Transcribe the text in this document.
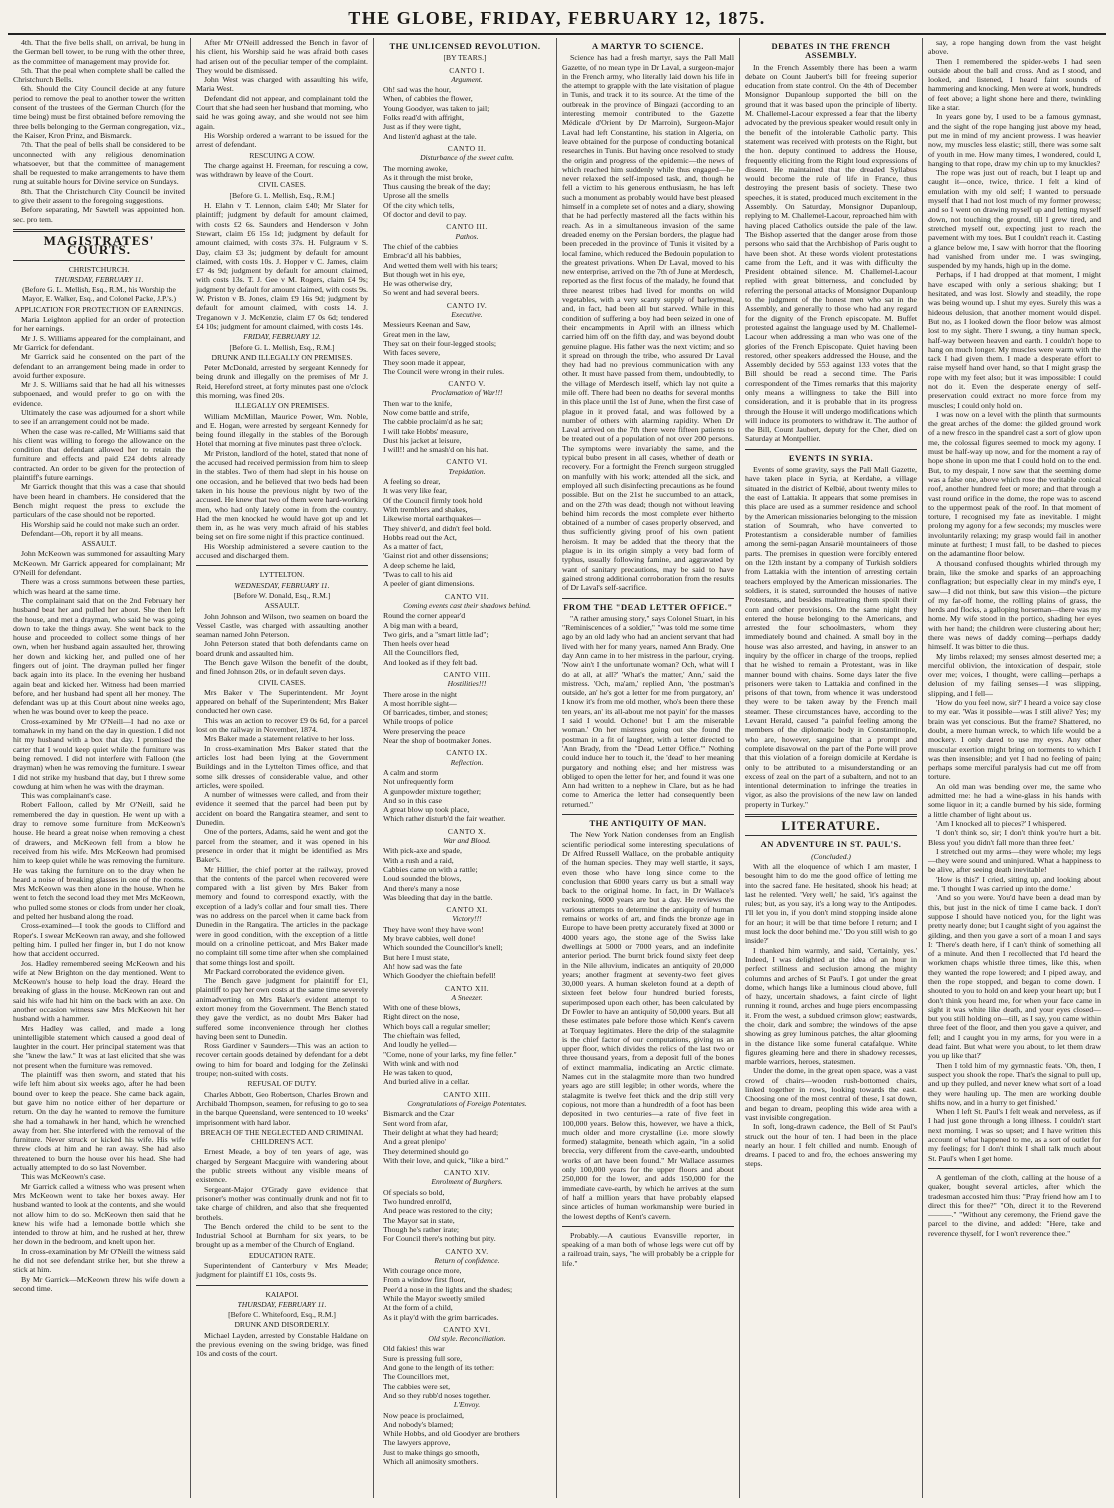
THE GLOBE, FRIDAY, FEBRUARY 12, 1875.

4th. That the five bells shall, on arrival, be hung in the German bell tower, to be rung with the other three, as the committee of management may provide for.

5th. That the peal when complete shall be called the Christchurch Bells.

6th. Should the City Council decide at any future period to remove the peal to another tower the written consent of the trustees of the German Church (for the time being) must be first obtained before removing the three bells belonging to the German congregation, viz., the Kaiser, Kron Prinz, and Bismarck.

7th. That the peal of bells shall be considered to be unconnected with any religious denomination whatsoever, but that the committee of management shall be requested to make arrangements to have them rung at suitable hours for Divine service on Sundays.

8th. That the Christchurch City Council be invited to give their assent to the foregoing suggestions.

Before separating, Mr Sawtell was appointed hon. sec. pro tem.

MAGISTRATES' COURTS.
CHRISTCHURCH.
THURSDAY, FEBRUARY 11.
(Before G. L. Mellish, Esq., R.M., his Worship the Mayor, E. Walker, Esq., and Colonel Packe, J.P.'s.)
APPLICATION FOR PROTECTION OF EARNINGS.

Maria Leighton applied for an order of protection for her earnings.

Mr J. S. Williams appeared for the complainant, and Mr Garrick for defendant.

Mr Garrick said he consented on the part of the defendant to an arrangement being made in order to avoid further exposure.

Mr J. S. Williams said that he had all his witnesses subpoenaed, and would prefer to go on with the evidence.

Ultimately the case was adjourned for a short while to see if an arrangement could not be made.

When the case was re-called, Mr Williams said that his client was willing to forego the allowance on the condition that defendant allowed her to retain the furniture and effects and paid £24 debts already contracted. An order to be given for the protection of plaintiff's future earnings.

Mr Garrick thought that this was a case that should have been heard in chambers. He considered that the Bench might request the press to exclude the particulars of the case should not be reported.

His Worship said he could not make such an order.

Defendant—Oh, report it by all means.

ASSAULT.

John McKeown was summoned for assaulting Mary McKeown. Mr Garrick appeared for complainant; Mr O'Neill for defendant.

There was a cross summons between these parties, which was heard at the same time.

The complainant said that on the 2nd February her husband beat her and pulled her about. She then left the house, and met a drayman, who said he was going down to take the things away. She went back to the house and proceeded to collect some things of her own, when her husband again assaulted her, throwing her down and kicking her, and pulled one of her fingers out of joint. The drayman pulled her finger back again into its place. In the evening her husband again beat and kicked her. Witness had been married before, and her husband had spent all her money. The defendant was up at this Court about nine weeks ago, when he was bound over to keep the peace.

Cross-examined by Mr O'Neill—I had no axe or tomahawk in my hand on the day in question. I did not hit my husband with a box that day. I promised the carter that I would keep quiet while the furniture was being removed. I did not interfere with Falloon (the drayman) when he was removing the furniture. I swear I did not strike my husband that day, but I threw some cowdung at him when he was with the drayman.

This was complainant's case.

Robert Falloon, called by Mr O'Neill, said he remembered the day in question. He went up with a dray to remove some furniture from McKeown's house. He heard a great noise when removing a chest of drawers, and McKeown fell from a blow he received from his wife. Mrs McKeown had promised him to keep quiet while he was removing the furniture. He was taking the furniture on to the dray when he heard a noise of breaking glasses in one of the rooms. Mrs McKeown was then alone in the house. When he went to fetch the second load they met Mrs McKeown, who pulled some stones or clods from under her cloak, and pelted her husband along the road.

Cross-examined—I took the goods to Clifford and Roper's. I swear McKeown ran away, and she followed pelting him. I pulled her finger in, but I do not know how that accident occurred.

Jos. Hadley remembered seeing McKeown and his wife at New Brighton on the day mentioned. Went to McKeown's house to help load the dray. Heard the breaking of glass in the house. McKeown ran out and said his wife had hit him on the back with an axe. On another occasion witness saw Mrs McKeown hit her husband with a hammer.

Mrs Hadley was called, and made a long unintelligible statement which caused a good deal of laughter in the court. Her principal statement was that she "knew the law." It was at last elicited that she was not present when the furniture was removed.

The plaintiff was then sworn, and stated that his wife left him about six weeks ago, after he had been bound over to keep the peace. She came back again, but gave him no notice either of her departure or return. On the day he wanted to remove the furniture she had a tomahawk in her hand, which he wrenched away from her. She interfered with the removal of the furniture. Never struck or kicked his wife. His wife threw clods at him and he ran away. She had also threatened to burn the house over his head. She had actually attempted to do so last November.

This was McKeown's case.

Mr Garrick called a witness who was present when Mrs McKeown went to take her boxes away. Her husband wanted to look at the contents, and she would not allow him to do so. McKeown then said that he knew his wife had a lemonade bottle which she intended to throw at him, and he rushed at her, threw her down in the bedroom, and knelt upon her.

In cross-examination by Mr O'Neill the witness said he did not see defendant strike her, but she threw a stick at him.

By Mr Garrick—McKeown threw his wife down a second time.

After Mr O'Neill addressed the Bench in favor of his client, his Worship said he was afraid both cases had arisen out of the peculiar temper of the complaint. They would be dismissed.

John West was charged with assaulting his wife, Maria West.

Defendant did not appear, and complainant told the Court that she had seen her husband that morning, who said he was going away, and she would not see him again.

His Worship ordered a warrant to be issued for the arrest of defendant.

RESCUING A COW.

The charge against H. Freeman, for rescuing a cow, was withdrawn by leave of the Court.

CIVIL CASES.
[Before G. L. Mellish, Esq., R.M.]

H. Elahn v T. Lennon, claim £40; Mr Slater for plaintiff; judgment by default for amount claimed, with costs £2 6s. Saunders and Henderson v John Stewart, claim £6 15s 1d; judgment by default for amount claimed, with costs 37s. H. Fulgraum v S. Day, claim £3 3s; judgment by default for amount claimed, with costs 10s. J. Hopper v C. James, claim £7 4s 9d; judgment by default for amount claimed, with costs 13s. T. J. Gee v M. Rogers, claim £4 9s; judgment by default for amount claimed, with costs 9s. W. Priston v B. Jones, claim £9 16s 9d; judgment by default for amount claimed, with costs 14. J. Treganown v J. McKenzie, claim £7 0s 6d; tendered £4 10s; judgment for amount claimed, with costs 14s.

FRIDAY, FEBRUARY 12.
[Before G. L. Mellish, Esq., R.M.]
DRUNK AND ILLEGALLY ON PREMISES.

Peter McDonald, arrested by sergeant Kennedy for being drunk and illegally on the premises of Mr J. Reid, Hereford street, at forty minutes past one o'clock this morning, was fined 20s.

ILLEGALLY ON PREMISES.

William McMillan, Maurice Power, Wm. Noble, and E. Hogan, were arrested by sergeant Kennedy for being found illegally in the stables of the Borough Hotel that morning at five minutes past three o'clock.

Mr Priston, landlord of the hotel, stated that none of the accused had received permission from him to sleep in the stables. Two of them had slept in his house on one occasion, and he believed that two beds had been taken in his house the previous night by two of the accused. He knew that two of them were hard-working men, who had only lately come in from the country. Had the men knocked he would have got up and let them in, as he was very much afraid of his stables being set on fire some night if this practice continued.

His Worship administered a severe caution to the accused and discharged them.

LYTTELTON.
WEDNESDAY, FEBRUARY 11.
[Before W. Donald, Esq., R.M.]
ASSAULT.

John Johnson and Wilson, two seamen on board the Vessel Castle, was charged with assaulting another seaman named John Peterson.

John Peterson stated that both defendants came on board drunk and assaulted him.

The Bench gave Wilson the benefit of the doubt, and fined Johnson 20s, or in default seven days.

CIVIL CASES.

Mrs Baker v The Superintendent. Mr Joynt appeared on behalf of the Superintendent; Mrs Baker conducted her own case.

This was an action to recover £9 0s 6d, for a parcel lost on the railway in November, 1874.

Mrs Baker made a statement relative to her loss.

In cross-examination Mrs Baker stated that the articles lost had been lying at the Government Buildings and in the Lyttelton Times office, and that some silk dresses of considerable value, and other articles, were spoiled.

A number of witnesses were called, and from their evidence it seemed that the parcel had been put by accident on board the Rangatira steamer, and sent to Dunedin.

One of the porters, Adams, said he went and got the parcel from the steamer, and it was opened in his presence in order that it might be identified as Mrs Baker's.

Mr Hillier, the chief porter at the railway, proved that the contents of the parcel when recovered were compared with a list given by Mrs Baker from memory and found to correspond exactly, with the exception of a lady's collar and four small ties. There was no address on the parcel when it came back from Dunedin in the Rangatira. The articles in the package were in good condition, with the exception of a little mould on a crinoline petticoat, and Mrs Baker made no complaint till some time after when she complained that some things lost and spoilt.

Mr Packard corroborated the evidence given.

The Bench gave judgment for plaintiff for £1, plaintiff to pay her own costs at the same time severely animadverting on Mrs Baker's evident attempt to extort money from the Government. The Bench stated they gave the verdict, as no doubt Mrs Baker had suffered some inconvenience through her clothes having been sent to Dunedin.

Ross Gardiner v Saunders—This was an action to recover certain goods detained by defendant for a debt owing to him for board and lodging for the Zelinski troupe; non-suited with costs.

REFUSAL OF DUTY.

Charles Abbott, Geo Robertson, Charles Brown and Archibald Thompson, seamen, for refusing to go to sea in the barque Queensland, were sentenced to 10 weeks' imprisonment with hard labor.

BREACH OF THE NEGLECTED AND CRIMINAL CHILDREN'S ACT.

Ernest Meade, a boy of ten years of age, was charged by Sergeant Macguire with wandering about the public streets without any visible means of existence.

Sergeant-Major O'Grady gave evidence that prisoner's mother was continually drunk and not fit to take charge of children, and also that she frequented brothels.

The Bench ordered the child to be sent to the Industrial School at Burnham for six years, to be brought up as a member of the Church of England.

EDUCATION RATE.

Superintendent of Canterbury v Mrs Meade; judgment for plaintiff £1 10s, costs 9s.

KAIAPOI.
THURSDAY, FEBRUARY 11.
[Before C. Whitefoord, Esq., R.M.]
DRUNK AND DISORDERLY.

Michael Layden, arrested by Constable Haldane on the previous evening on the swing bridge, was fined 10s and costs of the court.

THE UNLICENSED REVOLUTION.
[BY TEARS.]
CANTO I.
Argument.
Oh! sad was the hour,
When, of cabbies the flower,
Young Goodyer, was taken to jail;
Folks read'd with affright,
Just as if they were tight,
And listen'd aghast at the tale.
CANTO II.
Disturbance of the sweet calm.
The morning awoke,
As it through the mist broke,
Thus causing the break of the day;
Uprose all the smells
Of the city which tells,
Of doctor and devil to pay.
CANTO III.
Pathos.
The chief of the cabbies
Embrac'd all his babbies,
And wetted them well with his tears;
But though wet in his eye,
He was otherwise dry,
So went and had several beers.
CANTO IV.
Executive.
Messieurs Keenan and Saw,
Great men in the law,
They sat on their four-legged stools;
With faces severe,
They soon made it appear,
The Council were wrong in their rules.
CANTO V.
Proclamation of War!!!
Then war to the knife,
Now come battle and strife,
The cabbie proclaim'd as he sat;
I will take Hobbs' measure,
Dust his jacket at leisure,
I will!! and he smash'd on his hat.
CANTO VI.
Trepidation.
A feeling so drear,
It was very like fear,
Of the Council firmly took hold
With tremblers and shakes,
Likewise mortal earthquakes—
They shiver'd, and didn't feel bold.
Hobbs read out the Act,
As a matter of fact,
'Gainst riot and other dissensions;
A deep scheme he laid,
'Twas to call to his aid
A peeler of giant dimensions.
CANTO VII.
Coming events cast their shadows behind.
Round the corner appear'd
A big man with a beard,
Two girls, and a "smart little lad";
Then heels over head
All the Councillors fled,
And looked as if they felt bad.
CANTO VIII.
Hostilities!!!
There arose in the night
A most horrible sight—
Of barricades, timber, and stones;
While troops of police
Were preserving the peace
Near the shop of bootmaker Jones.
CANTO IX.
Reflection.
A calm and storm
Not unfrequently form
A gunpowder mixture together;
And so in this case
A great blow up took place,
Which rather disturb'd the fair weather.
CANTO X.
War and Blood.
With pick-axe and spade,
With a rush and a raid,
Cabbies came on with a rattle;
Loud sounded the blows,
And there's many a nose
Was bleeding that day in the battle.
CANTO XI.
Victory!!!
They have won! they have won!
My brave cabbies, well done!
Which sounded the Councillor's knell;
But here I must state,
Ah! how sad was the fate
Which Goodyer the chieftain befell!
CANTO XII.
A Sneezer.
With one of these blows,
Right direct on the nose,
Which boys call a regular smeller;
The chieftain was felled,
And loudly he yelled—
"Come, none of your larks, my fine feller."
With wink and with nod
He was taken to quod,
And buried alive in a cellar.
CANTO XIII.
Congratulations of Foreign Potentates.
Bismarck and the Czar
Sent word from afar,
Their delight at what they had heard;
And a great plenipo'
They determined should go
With their love, and quick, "like a bird."
CANTO XIV.
Enrolment of Burghers.
Of specials so bold,
Two hundred enroll'd,
And peace was restored to the city;
The Mayor sat in state,
Though he's rather irate;
For Council there's nothing but pity.
CANTO XV.
Return of confidence.
With courage once more,
From a window first floor,
Peer'd a nose in the lights and the shades;
While the Mayor sweetly smiled
At the form of a child,
As it play'd with the grim barricades.
CANTO XVI.
Old style. Reconciliation.
Old fakies! this war
Sure is pressing full sore,
And gone to the length of its tether:
The Councillors met,
The cabbies were set,
And so they rubb'd noses together.
L'Envoy.
Now peace is proclaimed,
And nobody's blamed;
While Hobbs, and old Goodyer are brothers
The lawyers approve,
Just to make things go smooth,
Which all animosity smothers.
A MARTYR TO SCIENCE.

Science has had a fresh martyr, says the Pall Mall Gazette, of no mean type in Dr Laval, a surgeon-major in the French army, who literally laid down his life in the attempt to grapple with the late visitation of plague in Tunis, and track it to its source. At the time of the outbreak in the province of Bingazi (according to an interesting memoir contributed to the Gazette Médicale d'Orient by Dr Marroin), Surgeon-Major Laval had left Constantine, his station in Algeria, on leave obtained for the purpose of conducting botanical researches in Tunis. But having once resolved to study the origin and progress of the epidemic—the news of which reached him suddenly while thus engaged—he never relaxed the self-imposed task, and, though he fell a victim to his generous enthusiasm, he has left such a monument as probably would have best pleased himself in a complete set of notes and a diary, showing that he had perfectly mastered all the facts within his reach. As in a simultaneous invasion of the same dreaded enemy on the Persian borders, the plague had been preceded in the province of Tunis it visited by a local famine, which reduced the Bedouin population to the greatest privations. When Dr Laval, moved to his new enterprise, arrived on the 7th of June at Merdesch, reported as the first focus of the malady, he found that three nearest tribes had lived for months on wild vegetables, with a very scanty supply of barleymeal, and, in fact, had been all but starved. While in this condition of suffering a boy had been seized in one of their encampments in April with an illness which carried him off on the fifth day, and was beyond doubt genuine plague. His father was the next victim; and so it spread on through the tribe, who assured Dr Laval they had had no previous communication with any other. It must have passed from them, undoubtedly, to the village of Merdesch itself, which lay not quite a mile off. There had been no deaths for several months in this place until the 1st of June, when the first case of plague in it proved fatal, and was followed by a number of others with alarming rapidity. When Dr Laval arrived on the 7th there were fifteen patients to be treated out of a population of not over 200 persons. The symptoms were invariably the same, and the typical bubo present in all cases, whether of death or recovery. For a fortnight the French surgeon struggled on manfully with his work; attended all the sick, and employed all such disinfecting precautions as he found possible. But on the 21st he succumbed to an attack, and on the 27th was dead; though not without leaving behind him records the most complete ever hitherto obtained of a number of cases properly observed, and thus sufficiently giving proof of his own patient heroism. It may be added that the theory that the plague is in its origin simply a very bad form of typhus, usually following famine, and aggravated by want of sanitary precautions, may be said to have gained strong additional corroboration from the results of Dr Laval's self-sacrifice.

FROM THE "DEAD LETTER OFFICE."

"A rather amusing story," says Colonel Stuart, in his "Reminiscences of a soldier," "was told me some time ago by an old lady who had an ancient servant that had lived with her for many years, named Ann Brady. One day Ann came in to her mistress in the parlour, crying. 'Now ain't I the unfortunate woman? Och, what will I do at all, at all?' 'What's the matter,' Ann,' said the mistress. 'Och, ma'am,' replied Ann, 'the postman's outside, an' he's got a letter for me from purgatory, an' I know it's from me old mother, who's been there these ten years, an' its all-about me not payin' for the masses I said I would. Ochone! but I am the miserable woman.' On her mistress going out she found the postman in a fit of laughter, with a letter directed to 'Ann Brady, from the "Dead Letter Office."' Nothing could induce her to touch it, the 'dead' to her meaning purgatory and nothing else; and her mistress was obliged to open the letter for her, and found it was one Ann had written to a nephew in Clare, but as he had come to America the letter had consequently been returned."

THE ANTIQUITY OF MAN.

The New York Nation condenses from an English scientific periodical some interesting speculations of Dr Alfred Russell Wallace, on the probable antiquity of the human species. They may well startle, it says, even those who have long since come to the conclusion that 6000 years carry us but a small way back to the original home. In fact, in Dr Wallace's reckoning, 6000 years are but a day. He reviews the various attempts to determine the antiquity of human remains or works of art, and finds the bronze age in Europe to have been pretty accurately fixed at 3000 or 4000 years ago, the stone age of the Swiss lake dwellings at 5000 or 7000 years, and an indefinite anterior period. The burnt brick found sixty feet deep in the Nile alluvium, indicates an antiquity of 20,000 years; another fragment at seventy-two feet gives 30,000 years. A human skeleton found at a depth of sixteen feet below four hundred buried forests, superimposed upon each other, has been calculated by Dr Fowler to have an antiquity of 50,000 years. But all these estimates pale before those which Kent's cavern at Torquay legitimates. Here the drip of the stalagmite is the chief factor of our computations, giving us an upper floor, which divides the relics of the last two or three thousand years, from a deposit full of the bones of extinct mammalia, indicating an Arctic climate. Names cut in the stalagmite more than two hundred years ago are still legible; in other words, where the stalagmite is twelve feet thick and the drip still very copious, not more than a hundredth of a foot has been deposited in two centuries—a rate of five feet in 100,000 years. Below this, however, we have a thick, much older and more crystalline (i.e. more slowly formed) stalagmite, beneath which again, "in a solid breccia, very different from the cave-earth, undoubted works of art have been found." Mr Wallace assumes only 100,000 years for the upper floors and about 250,000 for the lower, and adds 150,000 for the immediate cave-earth, by which he arrives at the sum of half a million years that have probably elapsed since articles of human workmanship were buried in the lowest depths of Kent's cavern.

Probably.—A cautious Evansville reporter, in speaking of a man both of whose legs were cut off by a railroad train, says, "he will probably be a cripple for life."

DEBATES IN THE FRENCH ASSEMBLY.

In the French Assembly there has been a warm debate on Count Jaubert's bill for freeing superior education from state control. On the 4th of December Monsignor Dupanloup supported the bill on the ground that it was based upon the principle of liberty. M. Challemel-Lacour expressed a fear that the liberty advocated by the previous speaker would result only in the benefit of the intolerable Catholic party. This statement was received with protests on the Right, but the hon. deputy continued to address the House, frequently eliciting from the Right loud expressions of dissent. He maintained that the dreaded Syllabus would become the rule of life in France, thus destroying the present basis of society. These two speeches, it is stated, produced much excitement in the Assembly. On Saturday, Monsignor Dupanloup, replying to M. Challemel-Lacour, reproached him with having placed Catholics outside the pale of the law. The Bishop asserted that the danger arose from those persons who said that the Archbishop of Paris ought to have been shot. At these words violent protestations came from the Left, and it was with difficulty the President obtained silence. M. Challemel-Lacour replied with great bitterness, and concluded by referring the personal attacks of Monsignor Dupanloup to the judgment of the honest men who sat in the Assembly, and generally to those who had any regard for the dignity of the French episcopate. M. Buffet protested against the language used by M. Challemel-Lacour when addressing a man who was one of the glories of the French Episcopate. Quiet having been restored, other speakers addressed the House, and the Assembly decided by 553 against 133 votes that the Bill should be read a second time. The Paris correspondent of the Times remarks that this majority only means a willingness to take the Bill into consideration, and it is probable that in its progress through the House it will undergo modifications which will induce its promoters to withdraw it. The author of the Bill, Count Jaubert, deputy for the Cher, died on Saturday at Montpellier.

EVENTS IN SYRIA.

Events of some gravity, says the Pall Mall Gazette, have taken place in Syria, at Kerdahe, a village situated in the district of Kelbié, about twenty miles to the east of Lattakia. It appears that some premises in this place are used as a summer residence and school by the American missionaries belonging to the mission station of Soumrah, who have converted to Protestantism a considerable number of families among the semi-pagan Ansariè mountaineers of those parts. The premises in question were forcibly entered on the 12th instant by a company of Turkish soldiers from Lattakia with the intention of arresting certain teachers employed by the American missionaries. The soldiers, it is stated, surrounded the houses of native Protestants, and besides maltreating them spoilt their corn and other provisions. On the same night they entered the house belonging to the Americans, and arrested the four schoolmasters, whom they immediately bound and chained. A small boy in the house was also arrested, and having, in answer to an inquiry by the officer in charge of the troops, replied that he wished to remain a Protestant, was in like manner bound with chains. Some days later the five prisoners were taken to Lattakia and confined in the prisons of that town, from whence it was understood they were to be taken away by the French mail steamer. These circumstances have, according to the Levant Herald, caused "a painful feeling among the members of the diplomatic body in Constantinople, who are, however, sanguine that a prompt and complete disavowal on the part of the Porte will prove that this violation of a foreign domicile at Kerdahe is only to be attributed to a misunderstanding or an excess of zeal on the part of a subaltern, and not to an intentional determination to infringe the treaties in vigor, as also the provisions of the new law on landed property in Turkey."

LITERATURE.
AN ADVENTURE IN ST. PAUL'S.
(Concluded.)

With all the eloquence of which I am master, I besought him to do me the good office of letting me into the sacred fane. He hesitated, shook his head; at last he relented. 'Very well,' he said, 'it's against the rules; but, as you say, it's a long way to the Antipodes. I'll let you in, if you don't mind stopping inside alone for an hour; it will be that time before I return; and I must lock the door behind me.' 'Do you still wish to go inside?'

I thanked him warmly, and said, 'Certainly, yes.' Indeed, I was delighted at the idea of an hour in perfect stillness and seclusion among the mighty columns and arches of St Paul's. I got under the great dome, which hangs like a luminous cloud above, full of hazy, uncertain shadows, a faint circle of light running it round, arches and huge piers encompassing it. From the west, a subdued crimson glow; eastwards, the choir, dark and sombre; the windows of the apse showing as grey luminous patches, the altar glooming in the distance like some funeral catafalque. White figures gleaming here and there in shadowy recesses, marble warriors, heroes, statesmen.

Under the dome, in the great open space, was a vast crowd of chairs—wooden rush-bottomed chairs, linked together in rows, looking towards the east. Choosing one of the most central of these, I sat down, and began to dream, peopling this wide area with a vast invisible congregation.

In soft, long-drawn cadence, the Bell of St Paul's struck out the hour of ten. I had been in the place nearly an hour. I felt chilled and numb. Enough of dreams. I paced to and fro, the echoes answering my steps.

say, a rope hanging down from the vast height above.

Then I remembered the spider-webs I had seen outside about the ball and cross. And as I stood, and looked, and listened, I heard faint sounds of hammering and knocking. Men were at work, hundreds of feet above; a light shone here and there, twinkling like a star.

In years gone by, I used to be a famous gymnast, and the sight of the rope hanging just above my head, put me in mind of my ancient prowess. I was heavier now, my muscles less elastic; still, there was some salt of youth in me. How many times, I wondered, could I, hanging to that rope, draw my chin up to my knuckles?

The rope was just out of reach, but I leapt up and caught it—once, twice, thrice. I felt a kind of emulation with my old self; I wanted to persuade myself that I had not lost much of my former prowess; and so I went on drawing myself up and letting myself down, not touching the ground, till I grew tired, and stretched myself out, expecting just to reach the pavement with my toes. But I couldn't reach it. Casting a glance below me, I saw with horror that the flooring had vanished from under me. I was swinging, suspended by my hands, high up in the dome.

Perhaps, if I had dropped at that moment, I might have escaped with only a serious shaking; but I hesitated, and was lost. Slowly and steadily, the rope was being wound up. I shut my eyes. Surely this was a hideous delusion, that another moment would dispel. But no, as I looked down the floor below was almost lost to my sight. There I swung, a tiny human speck, half-way between heaven and earth. I couldn't hope to hang on much longer. My muscles were warm with the tack I had given them. I made a desperate effort to raise myself hand over hand, so that I might grasp the rope with my feet also; but it was impossible: I could not do it. Even the desperate energy of self-preservation could extract no more force from my muscles; I could only hold on.

I was now on a level with the plinth that surmounts the great arches of the dome: the gilded ground work of a new fresco in the spandrel cast a sort of glow upon me, the colossal figures seemed to mock my agony. I must be half-way up now, and for the moment a ray of hope shone in upon me that I could hold on to the end. But, to my despair, I now saw that the seeming dome was a false one, above which rose the veritable conical roof, another hundred feet or more; and that through a vast round orifice in the dome, the rope was to ascend to the uppermost peak of the roof. In that moment of torture, I recognised my fate as inevitable. I might prolong my agony for a few seconds; my muscles were involuntarily relaxing; my grasp would fail in another minute at furthest; I must fall, to be dashed to pieces on the adamantine floor below.

A thousand confused thoughts whirled through my brain, like the smoke and sparks of an approaching conflagration; but especially clear in my mind's eye, I saw—I did not think, but saw this vision—the picture of my far-off home, the rolling plains of grass, the herds and flocks, a galloping horseman—there was my home. My wife stood in the portico, shading her eyes with her hand; the children were clustering about her; there was news of daddy coming—perhaps daddy himself. It was bitter to die thus.

My limbs relaxed; my senses almost deserted me; a merciful oblivion, the intoxication of despair, stole over me; voices, I thought, were calling—perhaps a delusion of my failing senses—I was slipping, slipping, and I fell—

'How do you feel now, sir?' I heard a voice say close to my ear. 'Was it possible—was I still alive? Yes; my brain was yet conscious. But the frame? Shattered, no doubt, a mere human wreck, to which life would be a mockery. I only dared to use my eyes. Any other muscular exertion might bring on torments to which I was then insensible; and yet I had no feeling of pain; perhaps some merciful paralysis had cut me off from torture.

An old man was bending over me, the same who admitted me: he had a wine-glass in his hands with some liquor in it; a candle burned by his side, forming a little chamber of light about us.

'Am I knocked all to pieces?' I whispered.

'I don't think so, sir; I don't think you're hurt a bit. Bless you! you didn't fall more than three feet.'

I stretched out my arms—they were whole; my legs—they were sound and uninjured. What a happiness to be alive, after seeing death inevitable!

'How is this?' I cried, sitting up, and looking about me. 'I thought I was carried up into the dome.'

'And so you were. You'd have been a dead man by this, but just in the nick of time I came back. I don't suppose I should have noticed you, for the light was pretty nearly done; but I caught sight of you against the gilding, and then you gave a sort of a moan I and says I: 'There's death here, if I can't think of something all of a minute. And then I recollected that I'd heard the workmen chaps whistle three times, like this, when they wanted the rope lowered; and I piped away, and then the rope stopped, and began to come down. I shouted to you to hold on and keep your heart up; but I don't think you heard me, for when your face came in sight it was white like death, and your eyes closed—but you still holding on—till, as I say, you came within three feet of the floor, and then you gave a quiver, and fell; and I caught you in my arms, for you were in a dead faint. But what were you about, to let them draw you up like that?'

Then I told him of my gymnastic feats. 'Oh, then, I suspect you shook the rope. That's the signal to pull up, and up they pulled, and never knew what sort of a load they were hauling up. The men are working double shifts now, and in a hurry to get finished.'

When I left St. Paul's I felt weak and nerveless, as if I had just gone through a long illness. I couldn't start next morning. I was so upset; and I have written this account of what happened to me, as a sort of outlet for my feelings; for I don't think I shall talk much about St. Paul's when I get home.

A gentleman of the cloth, calling at the house of a quaker, bought several articles, after which the tradesman accosted him thus: "Pray friend how am I to direct this for thee?" "Oh, direct it to the Reverend ———." "Without any ceremony, the Friend gave the parcel to the divine, and added: "Here, take and reverence thyself, for I won't reverence thee."
